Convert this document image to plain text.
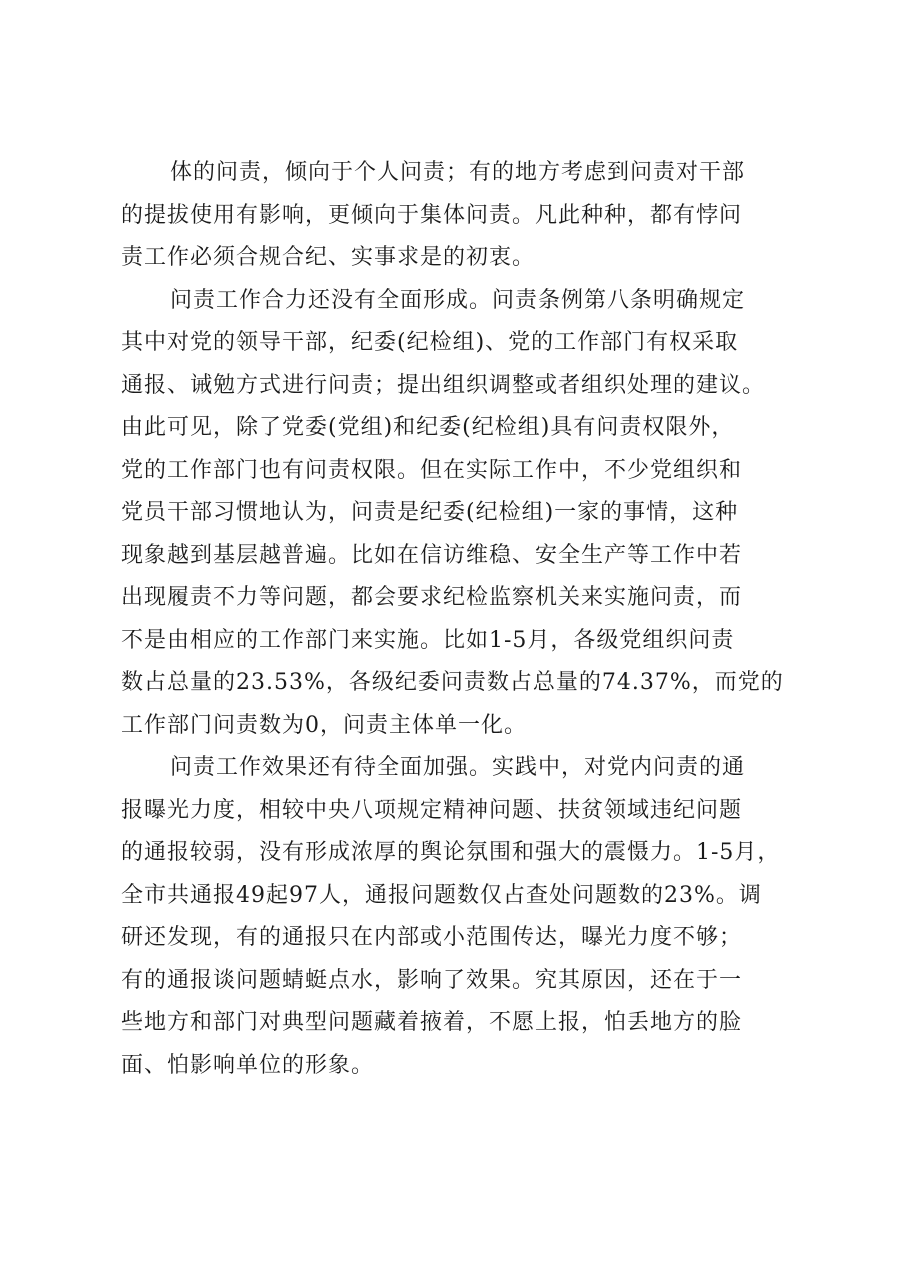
体的问责，倾向于个人问责；有的地方考虑到问责对干部
的提拔使用有影响，更倾向于集体问责。凡此种种，都有悖问
责工作必须合规合纪、实事求是的初衷。
问责工作合力还没有全面形成。问责条例第八条明确规定
其中对党的领导干部，纪委(纪检组)、党的工作部门有权采取
通报、诫勉方式进行问责；提出组织调整或者组织处理的建议。
由此可见，除了党委(党组)和纪委(纪检组)具有问责权限外，
党的工作部门也有问责权限。但在实际工作中，不少党组织和
党员干部习惯地认为，问责是纪委(纪检组)一家的事情，这种
现象越到基层越普遍。比如在信访维稳、安全生产等工作中若
出现履责不力等问题，都会要求纪检监察机关来实施问责，而
不是由相应的工作部门来实施。比如1-5月，各级党组织问责
数占总量的23.53%，各级纪委问责数占总量的74.37%，而党的
工作部门问责数为0，问责主体单一化。
问责工作效果还有待全面加强。实践中，对党内问责的通
报曝光力度，相较中央八项规定精神问题、扶贫领域违纪问题
的通报较弱，没有形成浓厚的舆论氛围和强大的震慑力。1-5月，
全市共通报49起97人，通报问题数仅占查处问题数的23%。调
研还发现，有的通报只在内部或小范围传达，曝光力度不够；
有的通报谈问题蜻蜓点水，影响了效果。究其原因，还在于一
些地方和部门对典型问题藏着掖着，不愿上报，怕丢地方的脸
面、怕影响单位的形象。
